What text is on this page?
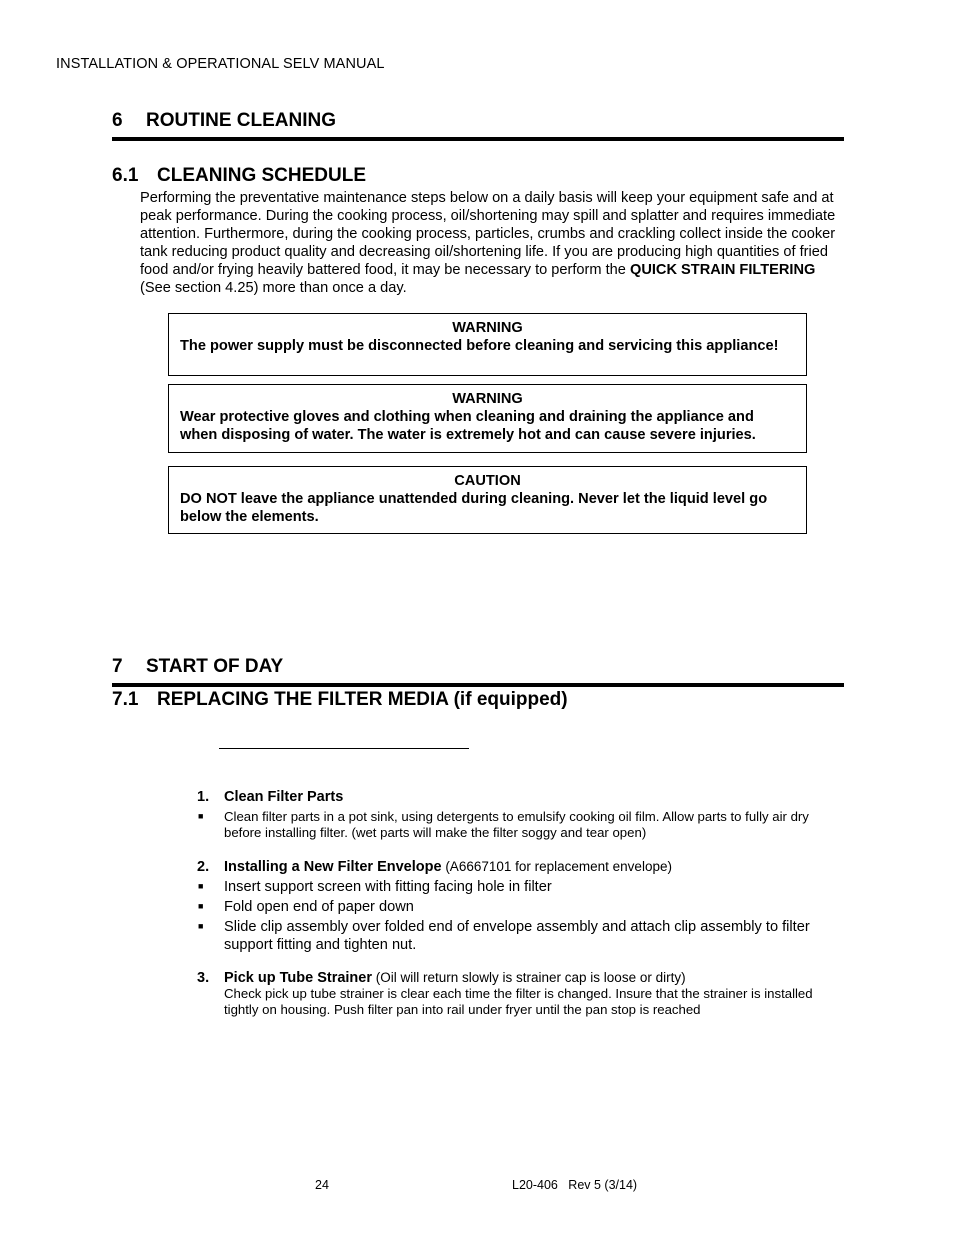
INSTALLATION & OPERATIONAL SELV MANUAL
6 ROUTINE CLEANING
6.1 CLEANING SCHEDULE
Performing the preventative maintenance steps below on a daily basis will keep your equipment safe and at peak performance. During the cooking process, oil/shortening may spill and splatter and requires immediate attention. Furthermore, during the cooking process, particles, crumbs and crackling collect inside the cooker tank reducing product quality and decreasing oil/shortening life. If you are producing high quantities of fried food and/or frying heavily battered food, it may be necessary to perform the QUICK STRAIN FILTERING (See section 4.25) more than once a day.
WARNING
The power supply must be disconnected before cleaning and servicing this appliance!
WARNING
Wear protective gloves and clothing when cleaning and draining the appliance and when disposing of water. The water is extremely hot and can cause severe injuries.
CAUTION
DO NOT leave the appliance unattended during cleaning. Never let the liquid level go below the elements.
7 START OF DAY
7.1 REPLACING THE FILTER MEDIA (if equipped)
1. Clean Filter Parts
■ Clean filter parts in a pot sink, using detergents to emulsify cooking oil film. Allow parts to fully air dry before installing filter. (wet parts will make the filter soggy and tear open)
2. Installing a New Filter Envelope (A6667101 for replacement envelope)
■ Insert support screen with fitting facing hole in filter
■ Fold open end of paper down
■ Slide clip assembly over folded end of envelope assembly and attach clip assembly to filter support fitting and tighten nut.
3. Pick up Tube Strainer (Oil will return slowly is strainer cap is loose or dirty)
Check pick up tube strainer is clear each time the filter is changed. Insure that the strainer is installed tightly on housing. Push filter pan into rail under fryer until the pan stop is reached
24	L20-406   Rev 5 (3/14)
